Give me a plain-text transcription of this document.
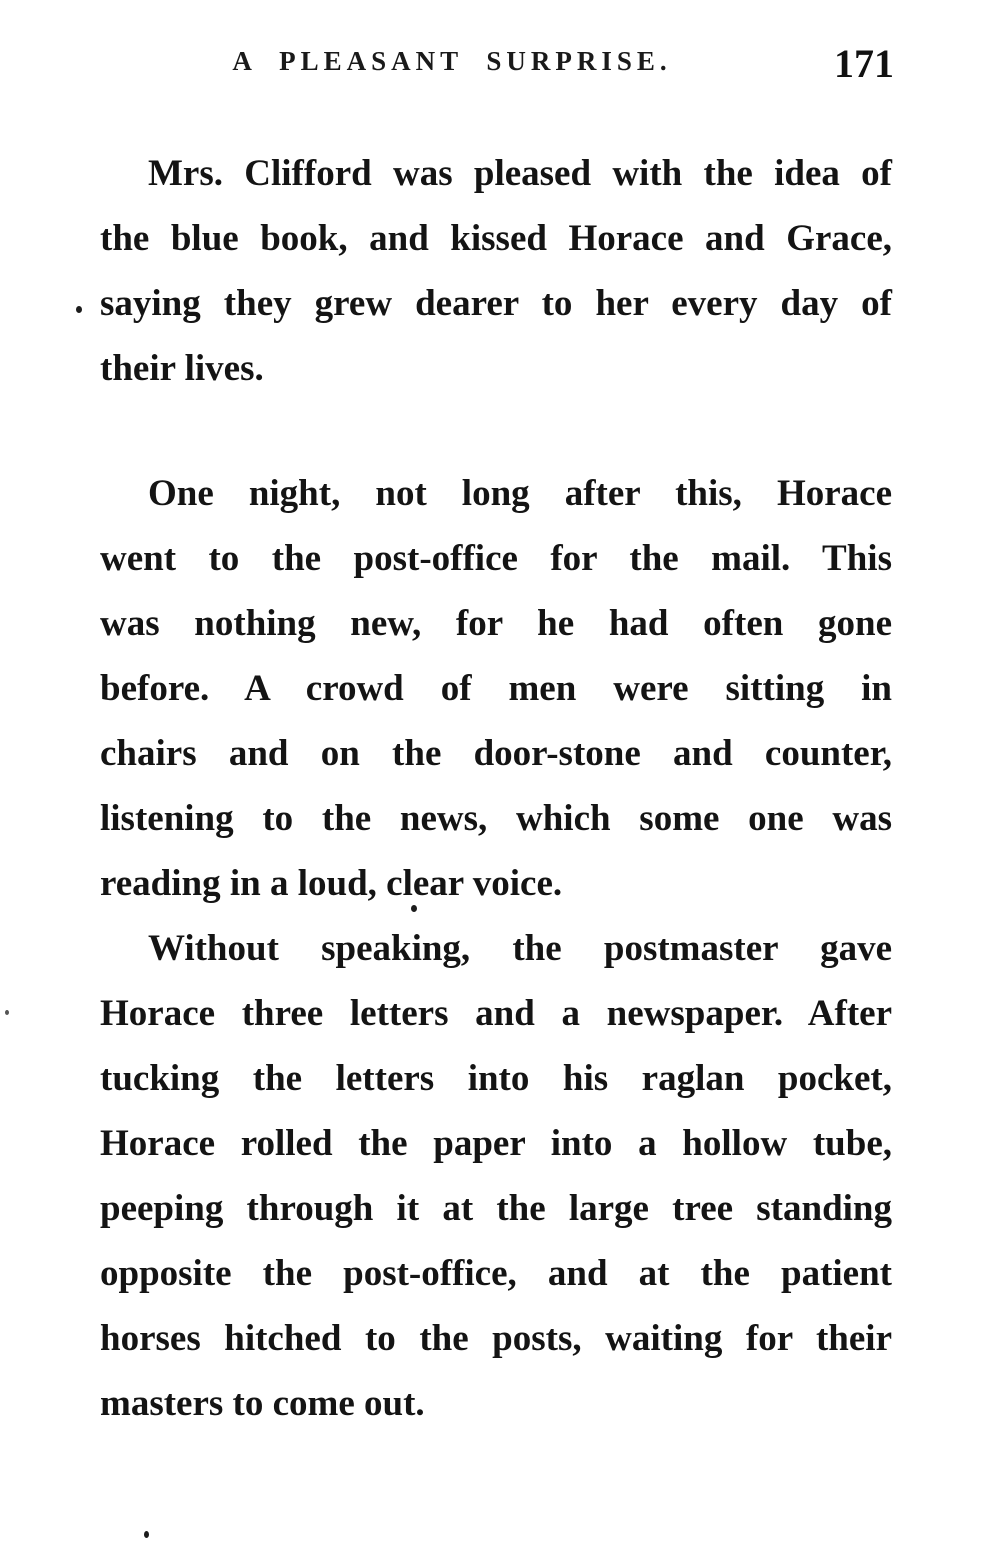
A PLEASANT SURPRISE.	171
Mrs. Clifford was pleased with the idea of
the blue book, and kissed Horace and Grace,
saying they grew dearer to her every day of
their lives.
One night, not long after this, Horace
went to the post-office for the mail. This
was nothing new, for he had often gone
before. A crowd of men were sitting in
chairs and on the door-stone and counter,
listening to the news, which some one was
reading in a loud, clear voice.
Without speaking, the postmaster gave
Horace three letters and a newspaper. After
tucking the letters into his raglan pocket,
Horace rolled the paper into a hollow tube,
peeping through it at the large tree standing
opposite the post-office, and at the patient
horses hitched to the posts, waiting for their
masters to come out.
